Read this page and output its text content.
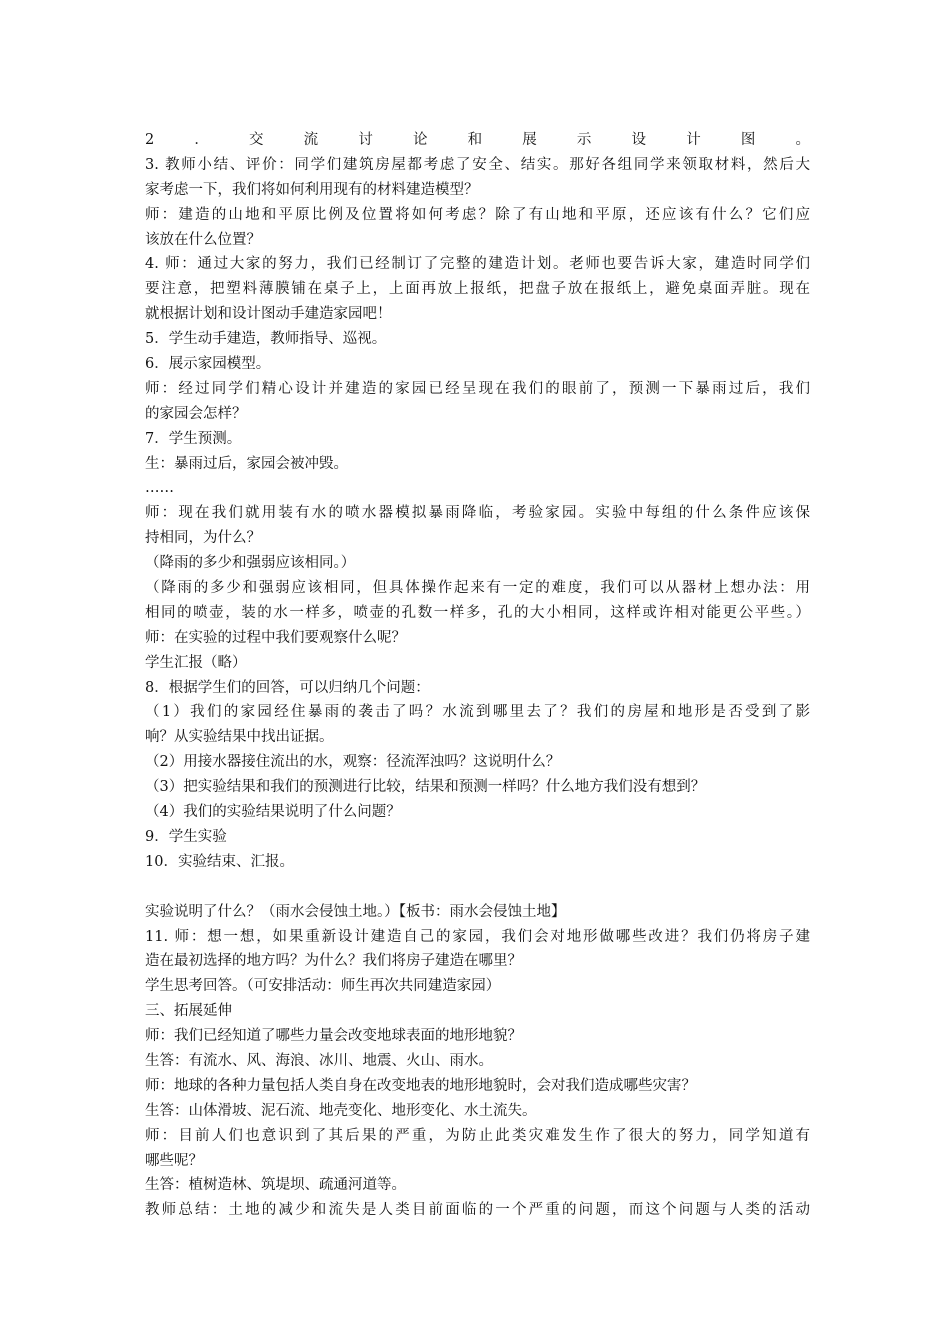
2．交流讨论和展示设计图。
3. 教师小结、评价：同学们建筑房屋都考虑了安全、结实。那好各组同学来领取材料，然后大
家考虑一下，我们将如何利用现有的材料建造模型？
师：建造的山地和平原比例及位置将如何考虑？除了有山地和平原，还应该有什么？它们应
该放在什么位置？
4. 师：通过大家的努力，我们已经制订了完整的建造计划。老师也要告诉大家，建造时同学们
要注意，把塑料薄膜铺在桌子上，上面再放上报纸，把盘子放在报纸上，避免桌面弄脏。现在
就根据计划和设计图动手建造家园吧！
5．学生动手建造，教师指导、巡视。
6．展示家园模型。
师：经过同学们精心设计并建造的家园已经呈现在我们的眼前了，预测一下暴雨过后，我们
的家园会怎样？
7．学生预测。
生：暴雨过后，家园会被冲毁。
……
师：现在我们就用装有水的喷水器模拟暴雨降临，考验家园。实验中每组的什么条件应该保
持相同，为什么？
（降雨的多少和强弱应该相同。）
（降雨的多少和强弱应该相同，但具体操作起来有一定的难度，我们可以从器材上想办法：用
相同的喷壶，装的水一样多，喷壶的孔数一样多，孔的大小相同，这样或许相对能更公平些。）
师：在实验的过程中我们要观察什么呢？
学生汇报（略）
8．根据学生们的回答，可以归纳几个问题：
（1）我们的家园经住暴雨的袭击了吗？水流到哪里去了？我们的房屋和地形是否受到了影
响？从实验结果中找出证据。
（2）用接水器接住流出的水，观察：径流浑浊吗？这说明什么？
（3）把实验结果和我们的预测进行比较，结果和预测一样吗？什么地方我们没有想到？
（4）我们的实验结果说明了什么问题？
9．学生实验
10．实验结束、汇报。
实验说明了什么？（雨水会侵蚀土地。）【板书：雨水会侵蚀土地】
11. 师：想一想，如果重新设计建造自己的家园，我们会对地形做哪些改进？我们仍将房子建
造在最初选择的地方吗？为什么？我们将房子建造在哪里？
学生思考回答。（可安排活动：师生再次共同建造家园）
三、拓展延伸
师：我们已经知道了哪些力量会改变地球表面的地形地貌？
生答：有流水、风、海浪、冰川、地震、火山、雨水。
师：地球的各种力量包括人类自身在改变地表的地形地貌时，会对我们造成哪些灾害？
生答：山体滑坡、泥石流、地壳变化、地形变化、水土流失。
师：目前人们也意识到了其后果的严重，为防止此类灾难发生作了很大的努力，同学知道有
哪些呢？
生答：植树造林、筑堤坝、疏通河道等。
教师总结：土地的减少和流失是人类目前面临的一个严重的问题，而这个问题与人类的活动
